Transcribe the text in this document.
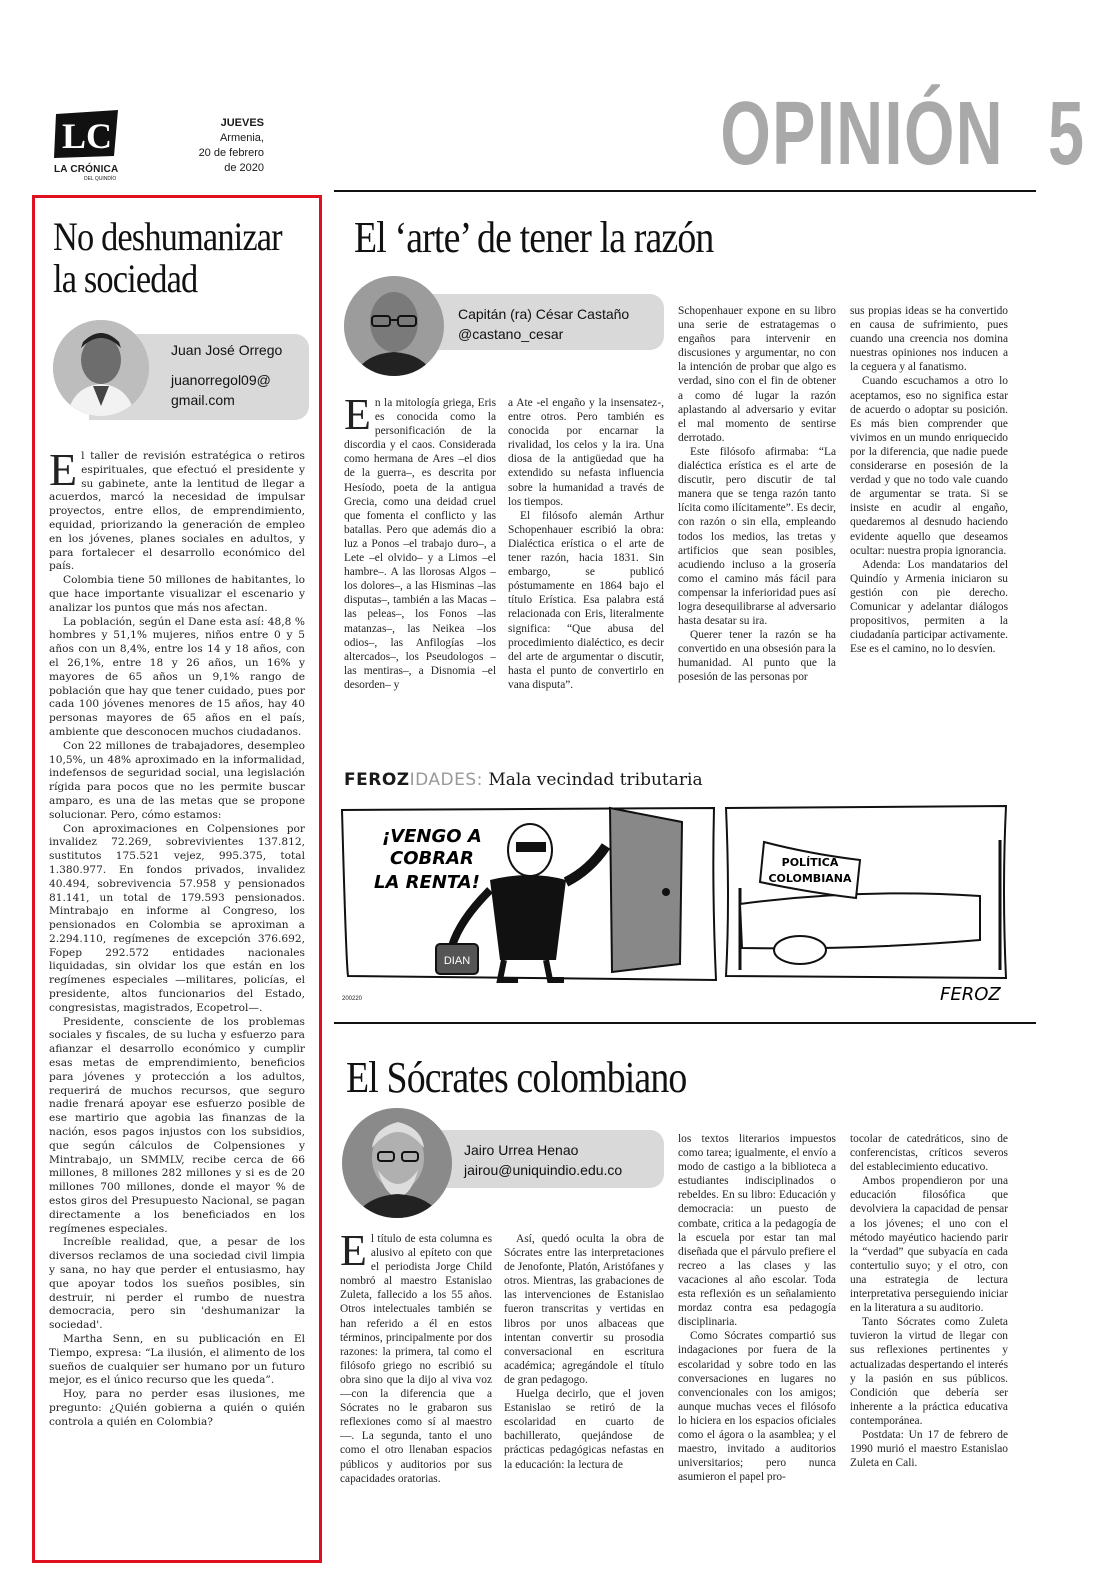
LC
LA CRÓNICA
DEL QUINDÍO
JUEVES
Armenia,
20 de febrero
de 2020	OPINIÓN 5
No deshumanizar
la sociedad
Juan José Orrego
juanorregol09@
gmail.com
E l taller de revisión estratégica o retiros espirituales, que efectuó el presidente y su gabinete, ante la lentitud de llegar a acuerdos, marcó la necesidad de impulsar proyectos, entre ellos, de emprendimiento, equidad, priorizando la generación de empleo en los jóvenes, planes sociales en adultos, y para fortalecer el desarrollo económico del país.

Colombia tiene 50 millones de habitantes, lo que hace importante visualizar el escenario y analizar los puntos que más nos afectan.

La población, según el Dane esta así: 48,8 % hombres y 51,1% mujeres, niños entre 0 y 5 años con un 8,4%, entre los 14 y 18 años, con el 26,1%, entre 18 y 26 años, un 16% y mayores de 65 años un 9,1% rango de población que hay que tener cuidado, pues por cada 100 jóvenes menores de 15 años, hay 40 personas mayores de 65 años en el país, ambiente que desconocen muchos ciudadanos.

Con 22 millones de trabajadores, desempleo 10,5%, un 48% aproximado en la informalidad, indefensos de seguridad social, una legislación rígida para pocos que no les permite buscar amparo, es una de las metas que se propone solucionar. Pero, cómo estamos:

Con aproximaciones en Colpensiones por invalidez 72.269, sobrevivientes 137.812, sustitutos 175.521 vejez, 995.375, total 1.380.977. En fondos privados, invalidez 40.494, sobrevivencia 57.958 y pensionados 81.141, un total de 179.593 pensionados. Mintrabajo en informe al Congreso, los pensionados en Colombia se aproximan a 2.294.110, regímenes de excepción 376.692, Fopep 292.572 entidades nacionales liquidadas, sin olvidar los que están en los regímenes especiales —militares, policías, el presidente, altos funcionarios del Estado, congresistas, magistrados, Ecopetrol—.

Presidente, consciente de los problemas sociales y fiscales, de su lucha y esfuerzo para afianzar el desarrollo económico y cumplir esas metas de emprendimiento, beneficios para jóvenes y protección a los adultos, requerirá de muchos recursos, que seguro nadie frenará apoyar ese esfuerzo posible de ese martirio que agobia las finanzas de la nación, esos pagos injustos con los subsidios, que según cálculos de Colpensiones y Mintrabajo, un SMMLV, recibe cerca de 66 millones, 8 millones 282 millones y si es de 20 millones 700 millones, donde el mayor % de estos giros del Presupuesto Nacional, se pagan directamente a los beneficiados en los regímenes especiales.

Increíble realidad, que, a pesar de los diversos reclamos de una sociedad civil limpia y sana, no hay que perder el entusiasmo, hay que apoyar todos los sueños posibles, sin destruir, ni perder el rumbo de nuestra democracia, pero sin 'deshumanizar la sociedad'.

Martha Senn, en su publicación en El Tiempo, expresa: “La ilusión, el alimento de los sueños de cualquier ser humano por un futuro mejor, es el único recurso que les queda”.

Hoy, para no perder esas ilusiones, me pregunto: ¿Quién gobierna a quién o quién controla a quién en Colombia?

El ‘arte’ de tener la razón
Capitán (ra) César Castaño
@castano_cesar
E n la mitología griega, Eris es conocida como la personificación de la discordia y el caos. Considerada como hermana de Ares –el dios de la guerra–, es descrita por Hesíodo, poeta de la antigua Grecia, como una deidad cruel que fomenta el conflicto y las batallas. Pero que además dio a luz a Ponos –el trabajo duro–, a Lete –el olvido– y a Limos –el hambre–. A las llorosas Algos –los dolores–, a las Hisminas –las disputas–, también a las Macas –las peleas–, los Fonos –las matanzas–, las Neikea –los odios–, las Anfilogías –los altercados–, los Pseudologos –las mentiras–, a Disnomia –el desorden– y

a Ate -el engaño y la insensatez-, entre otros. Pero también es conocida por encarnar la rivalidad, los celos y la ira. Una diosa de la antigüedad que ha extendido su nefasta influencia sobre la humanidad a través de los tiempos.

El filósofo alemán Arthur Schopenhauer escribió la obra: Dialéctica erística o el arte de tener razón, hacia 1831. Sin embargo, se publicó póstumamente en 1864 bajo el título Erística. Esa palabra está relacionada con Eris, literalmente significa: “Que abusa del procedimiento dialéctico, es decir del arte de argumentar o discutir, hasta el punto de convertirlo en vana disputa”.

Schopenhauer expone en su libro una serie de estratagemas o engaños para intervenir en discusiones y argumentar, no con la intención de probar que algo es verdad, sino con el fin de obtener a como dé lugar la razón aplastando al adversario y evitar el mal momento de sentirse derrotado.

Este filósofo afirmaba: “La dialéctica erística es el arte de discutir, pero discutir de tal manera que se tenga razón tanto lícita como ilícitamente”. Es decir, con razón o sin ella, empleando todos los medios, las tretas y artificios que sean posibles, acudiendo incluso a la grosería como el camino más fácil para compensar la inferioridad pues así logra desequilibrarse al adversario hasta desatar su ira.

Querer tener la razón se ha convertido en una obsesión para la humanidad. Al punto que la posesión de las personas por

sus propias ideas se ha convertido en causa de sufrimiento, pues cuando una creencia nos domina nuestras opiniones nos inducen a la ceguera y al fanatismo.

Cuando escuchamos a otro lo aceptamos, eso no significa estar de acuerdo o adoptar su posición. Es más bien comprender que vivimos en un mundo enriquecido por la diferencia, que nadie puede considerarse en posesión de la verdad y que no todo vale cuando de argumentar se trata. Si se insiste en acudir al engaño, quedaremos al desnudo haciendo evidente aquello que deseamos ocultar: nuestra propia ignorancia.

Adenda: Los mandatarios del Quindío y Armenia iniciaron su gestión con pie derecho. Comunicar y adelantar diálogos propositivos, permiten a la ciudadanía participar activamente. Ese es el camino, no lo desvíen.

FEROZIDADES: Mala vecindad tributaria
DIAN
¡VENGO A
COBRAR
LA RENTA!
POLÍTICA
COLOMBIANA
FEROZ
200220
El Sócrates colombiano
Jairo Urrea Henao
jairou@uniquindio.edu.co
E l título de esta columna es alusivo al epíteto con que el periodista Jorge Child nombró al maestro Estanislao Zuleta, fallecido a los 55 años. Otros intelectuales también se han referido a él en estos términos, principalmente por dos razones: la primera, tal como el filósofo griego no escribió su obra sino que la dijo al viva voz —con la diferencia que a Sócrates no le grabaron sus reflexiones como sí al maestro—. La segunda, tanto el uno como el otro llenaban espacios públicos y auditorios por sus capacidades oratorias.

Así, quedó oculta la obra de Sócrates entre las interpretaciones de Jenofonte, Platón, Aristófanes y otros. Mientras, las grabaciones de las intervenciones de Estanislao fueron transcritas y vertidas en libros por unos albaceas que intentan convertir su prosodia conversacional en escritura académica; agregándole el título de gran pedagogo.

Huelga decirlo, que el joven Estanislao se retiró de la escolaridad en cuarto de bachillerato, quejándose de prácticas pedagógicas nefastas en la educación: la lectura de

los textos literarios impuestos como tarea; igualmente, el envío a modo de castigo a la biblioteca a estudiantes indisciplinados o rebeldes. En su libro: Educación y democracia: un puesto de combate, critica a la pedagogía de la escuela por estar tan mal diseñada que el párvulo prefiere el recreo a las clases y las vacaciones al año escolar. Toda esta reflexión es un señalamiento mordaz contra esa pedagogía disciplinaria.

Como Sócrates compartió sus indagaciones por fuera de la escolaridad y sobre todo en las conversaciones en lugares no convencionales con los amigos; aunque muchas veces el filósofo lo hiciera en los espacios oficiales como el ágora o la asamblea; y el maestro, invitado a auditorios universitarios; pero nunca asumieron el papel pro-

tocolar de catedráticos, sino de conferencistas, críticos severos del establecimiento educativo.

Ambos propendieron por una educación filosófica que devolviera la capacidad de pensar a los jóvenes; el uno con el método mayéutico haciendo parir la “verdad” que subyacía en cada contertulio suyo; y el otro, con una estrategia de lectura interpretativa perseguiendo iniciar en la literatura a su auditorio.

Tanto Sócrates como Zuleta tuvieron la virtud de llegar con sus reflexiones pertinentes y actualizadas despertando el interés y la pasión en sus públicos. Condición que debería ser inherente a la práctica educativa contemporánea.

Postdata: Un 17 de febrero de 1990 murió el maestro Estanislao Zuleta en Cali.
